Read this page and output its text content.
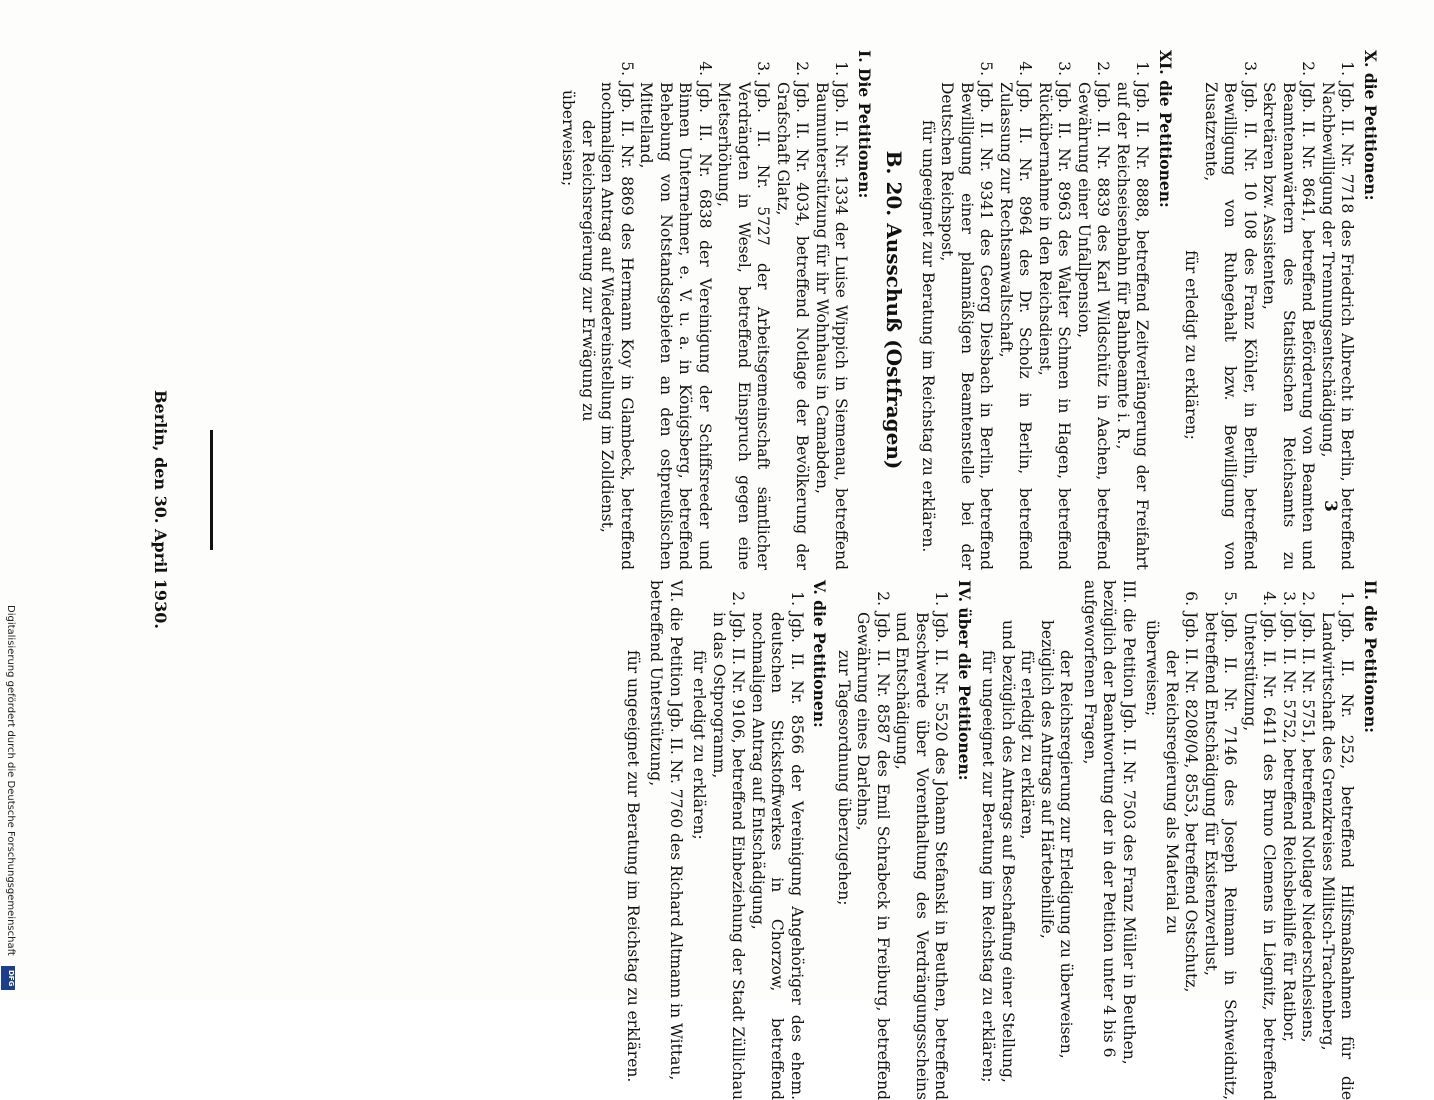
3
X. die Petitionen:
1.
Jgb. II. Nr. 7718 des Friedrich Albrecht in Berlin, betreffend Nachbewilligung der Trennungsentschädigung,
2.
Jgb. II. Nr. 8641, betreffend Beförderung von Beamten und Beamtenanwärtern des Statistischen Reichsamts zu Sekretären bzw. Assistenten,
3.
Jgb. II. Nr. 10 108 des Franz Köhler, in Berlin, betreffend Bewilligung von Ruhegehalt bzw. Bewilligung von Zusatzrente,
für erledigt zu erklären;
XI. die Petitionen:
1.
Jgb. II. Nr. 8888, betreffend Zeitverlängerung der Freifahrt auf der Reichseisenbahn für Bahnbeamte i. R.,
2.
Jgb. II. Nr. 8839 des Karl Wildschütz in Aachen, betreffend Gewährung einer Unfallpension,
3.
Jgb. II. Nr. 8963 des Walter Schmen in Hagen, betreffend Rückübernahme in den Reichsdienst,
4.
Jgb. II. Nr. 8964 des Dr. Scholz in Berlin, betreffend Zulassung zur Rechtsanwaltschaft,
5.
Jgb. II. Nr. 9341 des Georg Diesbach in Berlin, betreffend Bewilligung einer planmäßigen Beamtenstelle bei der Deutschen Reichspost,
für ungeeignet zur Beratung im Reichstag zu erklären.
B. 20. Ausschuß (Ostfragen)
I. Die Petitionen:
1.
Jgb. II. Nr. 1334 der Luise Wippich in Siemenau, betreffend Baumunterstützung für ihr Wohnhaus in Camabden,
2.
Jgb. II. Nr. 4034, betreffend Notlage der Bevölkerung der Grafschaft Glatz,
3.
Jgb. II. Nr. 5727 der Arbeitsgemeinschaft sämtlicher Verdrängten in Wesel, betreffend Einspruch gegen eine Mietserhöhung,
4.
Jgb. II. Nr. 6838 der Vereinigung der Schiffsreeder und Binnen Unternehmer, e. V. u. a. in Königsberg, betreffend Behebung von Notstandsgebieten an den ostpreußischen Mittelland,
5.
Jgb. II. Nr. 8869 des Hermann Koy in Glambeck, betreffend nochmaligen Antrag auf Wiedereinstellung im Zolldienst,
der Reichsregierung zur Erwägung zu
überweisen;
II. die Petitionen:
1.
Jgb. II. Nr. 252, betreffend Hilfsmaßnahmen für die Landwirtschaft des Grenzkreises Militsch-Trachenberg,
2.
Jgb. II. Nr. 5751, betreffend Notlage Niederschlesiens,
3.
Jgb. II. Nr. 5752, betreffend Reichsbeihilfe für Ratibor,
4.
Jgb. II. Nr. 6411 des Bruno Clemens in Liegnitz, betreffend Unterstützung,
5.
Jgb. II. Nr. 7146 des Joseph Reimann in Schweidnitz, betreffend Entschädigung für Existenzverlust,
6.
Jgb. II. Nr. 8208/04, 8553, betreffend Ostschutz,
der Reichsregierung als Material zu
überweisen;
III. die Petition Jgb. II. Nr. 7503 des Franz Müller in Beuthen, bezüglich der Beantwortung der in der Petition unter 4 bis 6 aufgeworfenen Fragen,
der Reichsregierung zur Erledigung zu überweisen,
bezüglich des Antrags auf Härtebeihilfe,
für erledigt zu erklären,
und bezüglich des Antrags auf Beschaffung einer Stellung,
für ungeeignet zur Beratung im Reichstag zu erklären;
IV. über die Petitionen:
1.
Jgb. II. Nr. 5520 des Johann Stefanski in Beuthen, betreffend Beschwerde über Vorenthaltung des Verdrängungsscheins und Entschädigung,
2.
Jgb. II. Nr. 8587 des Emil Schrabeck in Freiburg, betreffend Gewährung eines Darlehns,
zur Tagesordnung überzugehen;
V. die Petitionen:
1.
Jgb. II. Nr. 8566 der Vereinigung Angehöriger des ehem. deutschen Stickstoffwerkes in Chorzow, betreffend nochmaligen Antrag auf Entschädigung,
2.
Jgb. II. Nr. 9106, betreffend Einbeziehung der Stadt Züllichau in das Ostprogramm,
für erledigt zu erklären;
VI. die Petition Jgb. II. Nr. 7760 des Richard Altmann in Wittau, betreffend Unterstützung,
für ungeeignet zur Beratung im Reichstag zu erklären.
Berlin, den 30. April 1930.
Digitalisierung gefördert durch die Deutsche Forschungsgemeinschaft
DFG
